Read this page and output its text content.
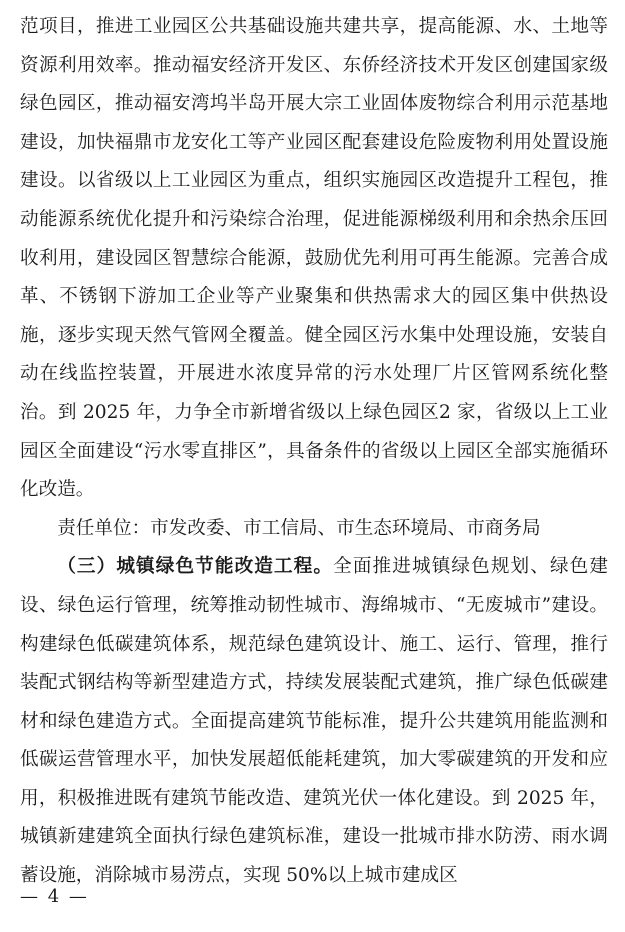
范项目，推进工业园区公共基础设施共建共享，提高能源、水、土地等资源利用效率。推动福安经济开发区、东侨经济技术开发区创建国家级绿色园区，推动福安湾坞半岛开展大宗工业固体废物综合利用示范基地建设，加快福鼎市龙安化工等产业园区配套建设危险废物利用处置设施建设。以省级以上工业园区为重点，组织实施园区改造提升工程包，推动能源系统优化提升和污染综合治理，促进能源梯级利用和余热余压回收利用，建设园区智慧综合能源，鼓励优先利用可再生能源。完善合成革、不锈钢下游加工企业等产业聚集和供热需求大的园区集中供热设施，逐步实现天然气管网全覆盖。健全园区污水集中处理设施，安装自动在线监控装置，开展进水浓度异常的污水处理厂片区管网系统化整治。到 2025 年，力争全市新增省级以上绿色园区2 家，省级以上工业园区全面建设“污水零直排区”，具备条件的省级以上园区全部实施循环化改造。

责任单位：市发改委、市工信局、市生态环境局、市商务局

（三）城镇绿色节能改造工程。全面推进城镇绿色规划、绿色建设、绿色运行管理，统筹推动韧性城市、海绵城市、“无废城市”建设。构建绿色低碳建筑体系，规范绿色建筑设计、施工、运行、管理，推行装配式钢结构等新型建造方式，持续发展装配式建筑，推广绿色低碳建材和绿色建造方式。全面提高建筑节能标准，提升公共建筑用能监测和低碳运营管理水平，加快发展超低能耗建筑，加大零碳建筑的开发和应用，积极推进既有建筑节能改造、建筑光伏一体化建设。到 2025 年，城镇新建建筑全面执行绿色建筑标准，建设一批城市排水防涝、雨水调蓄设施，消除城市易涝点，实现 50%以上城市建成区

— 4 —
